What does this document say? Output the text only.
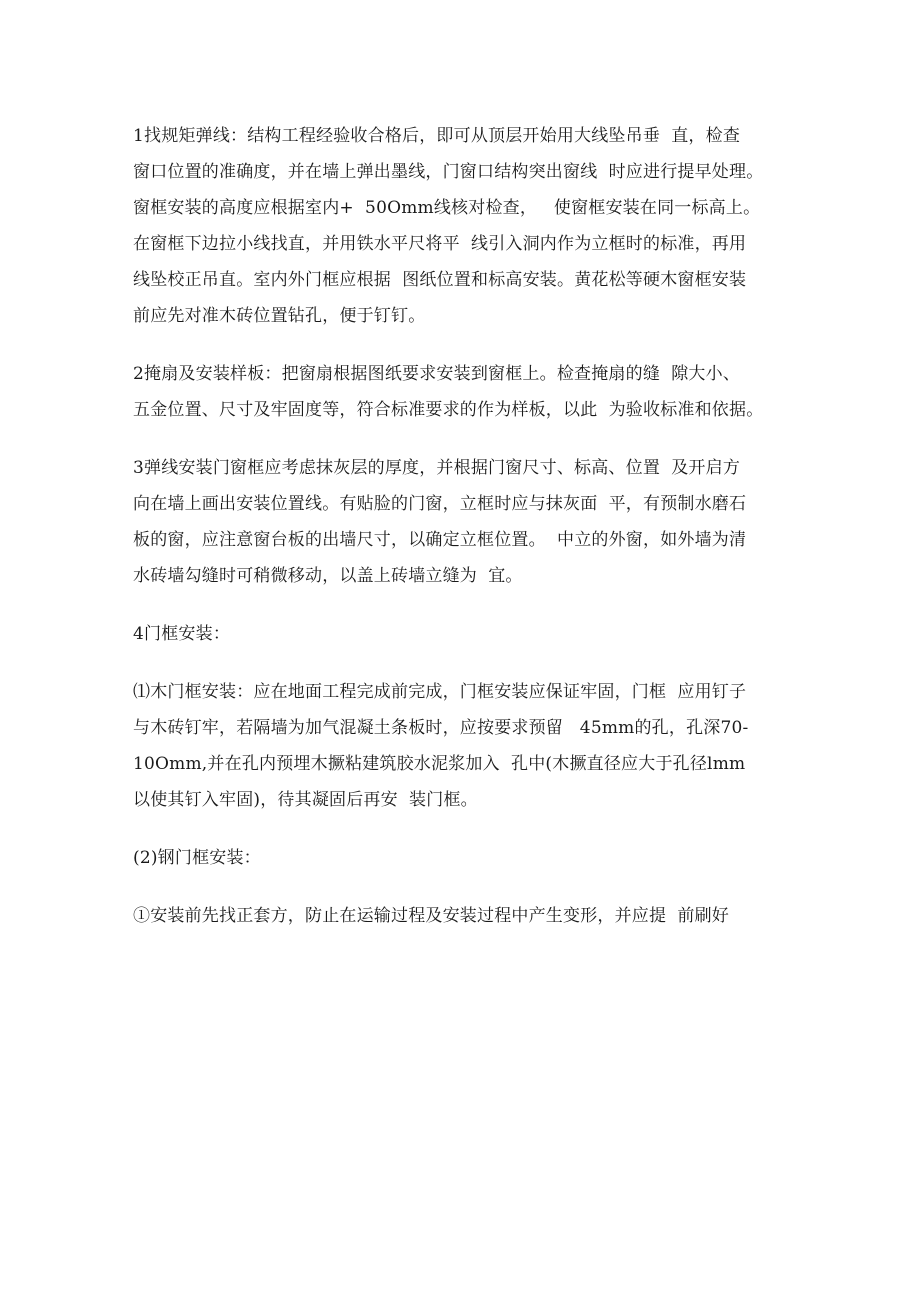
1找规矩弹线：结构工程经验收合格后，即可从顶层开始用大线坠吊垂  直，检查
窗口位置的准确度，并在墙上弹出墨线，门窗口结构突出窗线  时应进行提早处理。
窗框安装的高度应根据室内+  50Omm线核对检查，   使窗框安装在同一标高上。
在窗框下边拉小线找直，并用铁水平尺将平  线引入洞内作为立框时的标准，再用
线坠校正吊直。室内外门框应根据  图纸位置和标高安装。黄花松等硬木窗框安装
前应先对准木砖位置钻孔，便于钉钉。
2掩扇及安装样板：把窗扇根据图纸要求安装到窗框上。检查掩扇的缝  隙大小、
五金位置、尺寸及牢固度等，符合标准要求的作为样板，以此  为验收标准和依据。
3弹线安装门窗框应考虑抹灰层的厚度，并根据门窗尺寸、标高、位置  及开启方
向在墙上画出安装位置线。有贴脸的门窗，立框时应与抹灰面  平，有预制水磨石
板的窗，应注意窗台板的出墙尺寸，以确定立框位置。  中立的外窗，如外墙为清
水砖墙勾缝时可稍微移动，以盖上砖墙立缝为  宜。
4门框安装：
⑴木门框安装：应在地面工程完成前完成，门框安装应保证牢固，门框  应用钉子
与木砖钉牢，若隔墙为加气混凝土条板时，应按要求预留   45mm的孔，孔深70-
10Omm,并在孔内预埋木撅粘建筑胶水泥浆加入  孔中(木撅直径应大于孔径lmm
以使其钉入牢固)，待其凝固后再安  装门框。
(2)钢门框安装：
①安装前先找正套方，防止在运输过程及安装过程中产生变形，并应提  前刷好
